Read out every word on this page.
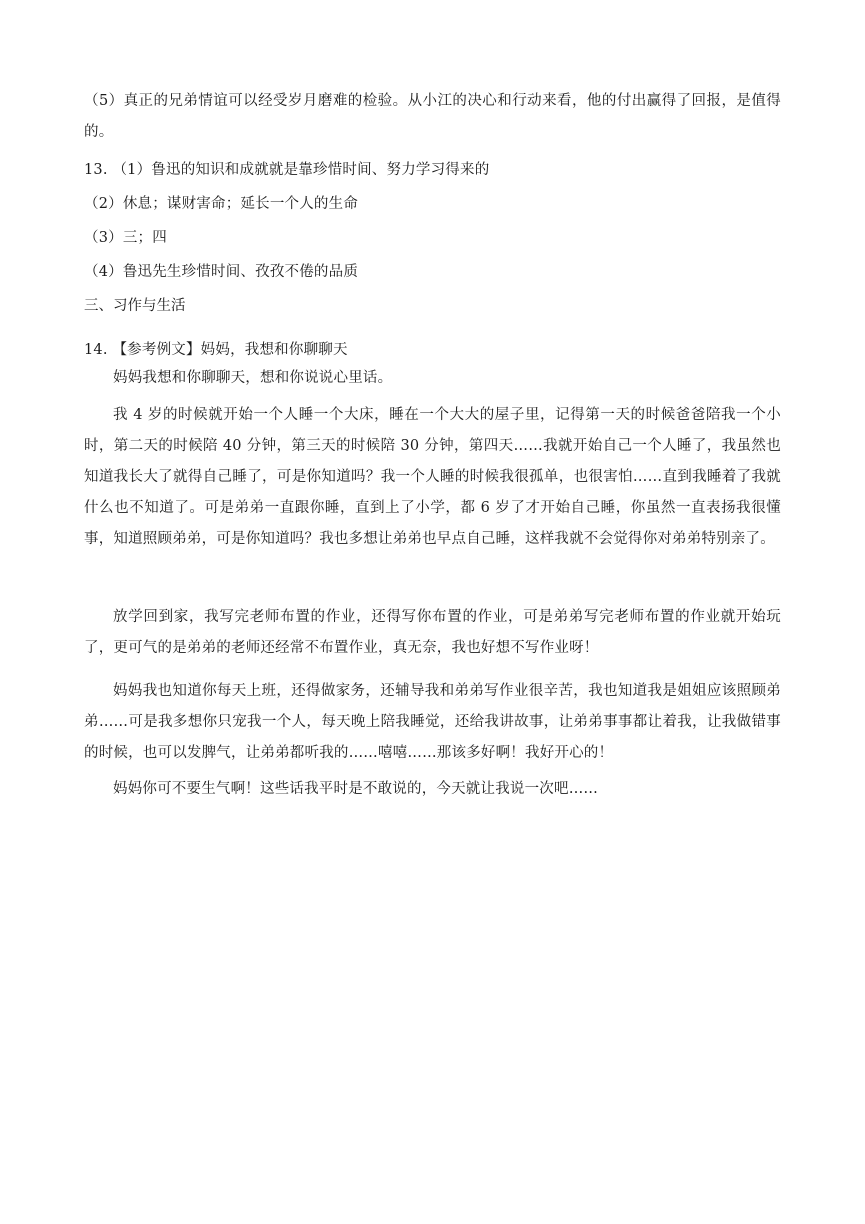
（5）真正的兄弟情谊可以经受岁月磨难的检验。从小江的决心和行动来看，他的付出赢得了回报，是值得的。
13. （1）鲁迅的知识和成就就是靠珍惜时间、努力学习得来的
（2）休息；谋财害命；延长一个人的生命
（3）三；四
（4）鲁迅先生珍惜时间、孜孜不倦的品质
三、习作与生活
14. 【参考例文】妈妈，我想和你聊聊天
妈妈我想和你聊聊天，想和你说说心里话。
我 4 岁的时候就开始一个人睡一个大床，睡在一个大大的屋子里，记得第一天的时候爸爸陪我一个小时，第二天的时候陪 40 分钟，第三天的时候陪 30 分钟，第四天……我就开始自己一个人睡了，我虽然也知道我长大了就得自己睡了，可是你知道吗？我一个人睡的时候我很孤单，也很害怕……直到我睡着了我就什么也不知道了。可是弟弟一直跟你睡，直到上了小学，都 6 岁了才开始自己睡，你虽然一直表扬我很懂事，知道照顾弟弟，可是你知道吗？我也多想让弟弟也早点自己睡，这样我就不会觉得你对弟弟特别亲了。
放学回到家，我写完老师布置的作业，还得写你布置的作业，可是弟弟写完老师布置的作业就开始玩了，更可气的是弟弟的老师还经常不布置作业，真无奈，我也好想不写作业呀！
妈妈我也知道你每天上班，还得做家务，还辅导我和弟弟写作业很辛苦，我也知道我是姐姐应该照顾弟弟……可是我多想你只宠我一个人，每天晚上陪我睡觉，还给我讲故事，让弟弟事事都让着我，让我做错事的时候，也可以发脾气，让弟弟都听我的……嘻嘻……那该多好啊！我好开心的！
妈妈你可不要生气啊！这些话我平时是不敢说的，今天就让我说一次吧……
